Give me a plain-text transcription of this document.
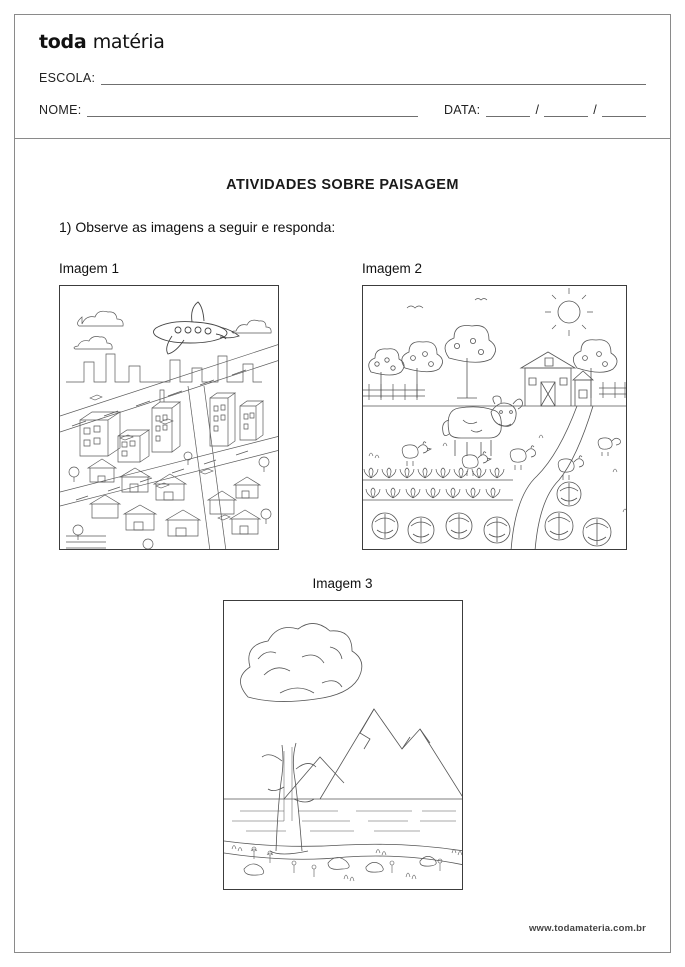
toda matéria
ESCOLA:
NOME:	DATA:	/	/
ATIVIDADES SOBRE PAISAGEM
1) Observe as imagens a seguir e responda:
Imagem 1	Imagem 2
Imagem 3
www.todamateria.com.br
